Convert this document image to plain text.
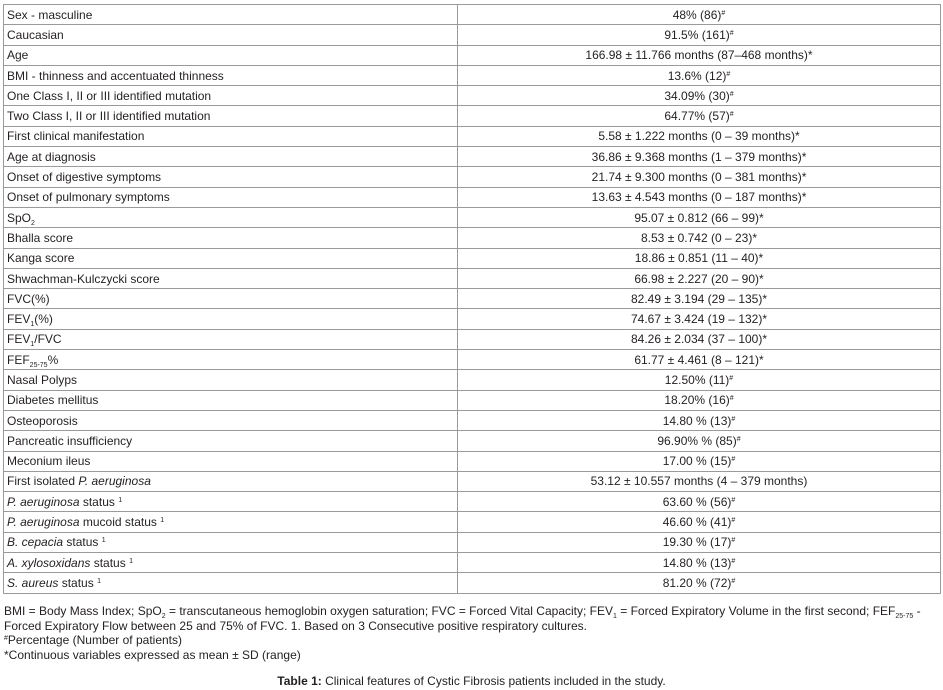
Sex - masculine	48% (86)#
Caucasian	91.5% (161)#
Age	166.98 ± 11.766 months (87–468 months)*
BMI - thinness and accentuated thinness	13.6% (12)#
One Class I, II or III identified mutation	34.09% (30)#
Two Class I, II or III identified mutation	64.77% (57)#
First clinical manifestation	5.58 ± 1.222 months (0 – 39 months)*
Age at diagnosis	36.86 ± 9.368 months (1 – 379 months)*
Onset of digestive symptoms	21.74 ± 9.300 months (0 – 381 months)*
Onset of pulmonary symptoms	13.63 ± 4.543 months (0 – 187 months)*
SpO$_2$	95.07 ± 0.812 (66 – 99)*
Bhalla score	8.53 ± 0.742 (0 – 23)*
Kanga score	18.86 ± 0.851 (11 – 40)*
Shwachman-Kulczycki score	66.98 ± 2.227 (20 – 90)*
FVC(%)	82.49 ± 3.194 (29 – 135)*
$FEV_1(\%)$	74.67 ± 3.424 (19 – 132)*
$FEV_1$/FVC	84.26 ± 2.034 (37 – 100)*
$FEF_{25-75}\%$	61.77 ± 4.461 (8 – 121)*
Nasal Polyps	12.50% (11)#
Diabetes mellitus	18.20% (16)#
Osteoporosis	14.80 % (13)#
Pancreatic insufficiency	96.90% % (85)#
Meconium ileus	17.00 % (15)#
First isolated P. aeruginosa	53.12 ± 10.557 months (4 – 379 months)
P. aeruginosa status $^1$	63.60 % (56)#
P. aeruginosa mucoid status $^1$	46.60 % (41)#
B. cepacia status $^1$	19.30 % (17)#
A. xylosoxidans status $^1$	14.80 % (13)#
S. aureus status $^1$	81.20 % (72)#
BMI = Body Mass Index; SpO$_2$ = transcutaneous hemoglobin oxygen saturation; FVC = Forced Vital Capacity; $FEV_1$ = Forced Expiratory Volume in the first second; $FEF_{25-75}$ -
Forced Expiratory Flow between 25 and 75% of FVC. 1. Based on 3 Consecutive positive respiratory cultures.
#Percentage (Number of patients)
*Continuous variables expressed as mean ± SD (range)
Table 1: Clinical features of Cystic Fibrosis patients included in the study.
